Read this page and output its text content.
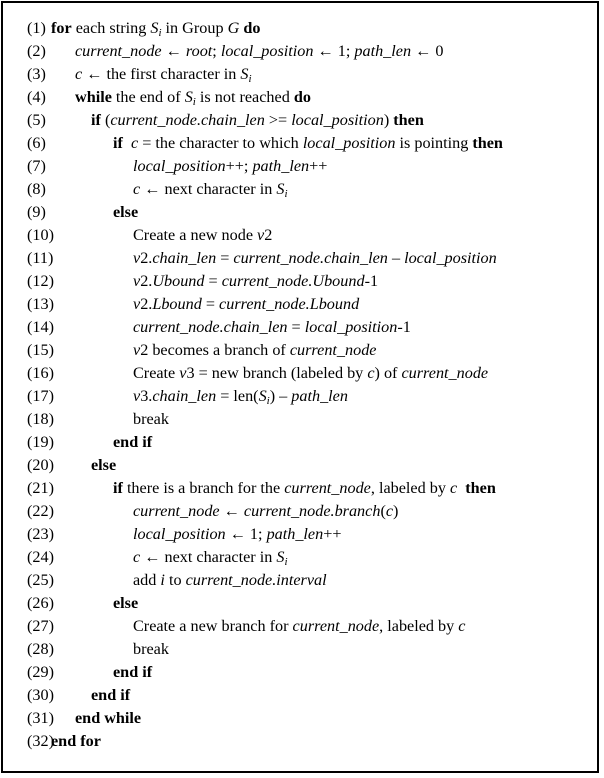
(1) for each string $S_i$ in Group G do
(2) current_node ← root; local_position ← 1; path_len ← 0
(3) c ← the first character in $S_i$
(4) while the end of $S_i$ is not reached do
(5)	if (current_node.chain_len >= local_position) then
(6)	if c = the character to which local_position is pointing then
(7)	local_position++; path_len++
(8)	c ← next character in $S_i$
(9)	else
(10)	Create a new node v2
(11)	v2.chain_len = current_node.chain_len – local_position
(12)	v2.Ubound = current_node.Ubound-1
(13)	v2.Lbound = current_node.Lbound
(14)	current_node.chain_len = local_position-1
(15)	v2 becomes a branch of current_node
(16)	Create v3 = new branch (labeled by c) of current_node
(17)	v3.chain_len = $len(S_i)$ – path_len
(18)	break
(19)	end if
(20) else
(21)	if there is a branch for the current_node, labeled by c then
(22)	current_node ← current_node.branch(c)
(23)	local_position ← 1; path_len++
(24)	c ← next character in $S_i$
(25)	add i to current_node.interval
(26)	else
(27)	Create a new branch for current_node, labeled by c
(28)	break
(29)	end if
(30) end if
(31) end while
(32)
end for
